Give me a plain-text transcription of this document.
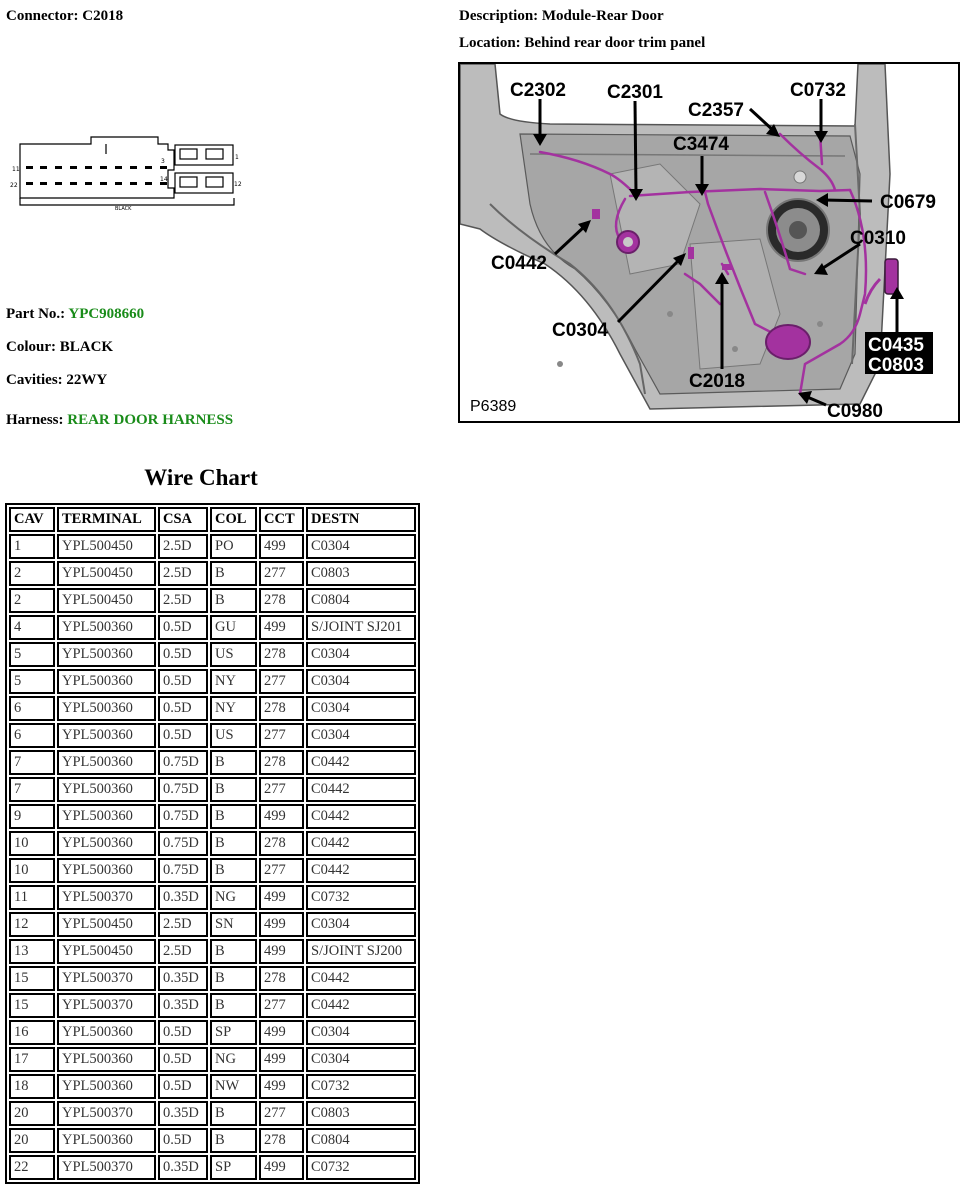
Connector: C2018	Description: Module-Rear Door
Location: Behind rear door trim panel
11
22
3
14
1
12
BLACK
Part No.: YPC908660
Colour: BLACK
Cavities: 22WY
Harness: REAR DOOR HARNESS
C2302 C2301
C2357
C0732
C3474
C0679
C0310
C0442
C0304
C2018
C0980
C0435
C0803
P6389
Wire Chart
CAV	TERMINAL	CSA	COL	CCT	DESTN
1	YPL500450	2.5D	PO	499	C0304
2	YPL500450	2.5D	B	277	C0803
2	YPL500450	2.5D	B	278	C0804
4	YPL500360	0.5D	GU	499	S/JOINT SJ201
5	YPL500360	0.5D	US	278	C0304
5	YPL500360	0.5D	NY	277	C0304
6	YPL500360	0.5D	NY	278	C0304
6	YPL500360	0.5D	US	277	C0304
7	YPL500360	0.75D	B	278	C0442
7	YPL500360	0.75D	B	277	C0442
9	YPL500360	0.75D	B	499	C0442
10	YPL500360	0.75D	B	278	C0442
10	YPL500360	0.75D	B	277	C0442
11	YPL500370	0.35D	NG	499	C0732
12	YPL500450	2.5D	SN	499	C0304
13	YPL500450	2.5D	B	499	S/JOINT SJ200
15	YPL500370	0.35D	B	278	C0442
15	YPL500370	0.35D	B	277	C0442
16	YPL500360	0.5D	SP	499	C0304
17	YPL500360	0.5D	NG	499	C0304
18	YPL500360	0.5D	NW	499	C0732
20	YPL500370	0.35D	B	277	C0803
20	YPL500360	0.5D	B	278	C0804
22	YPL500370	0.35D	SP	499	C0732
